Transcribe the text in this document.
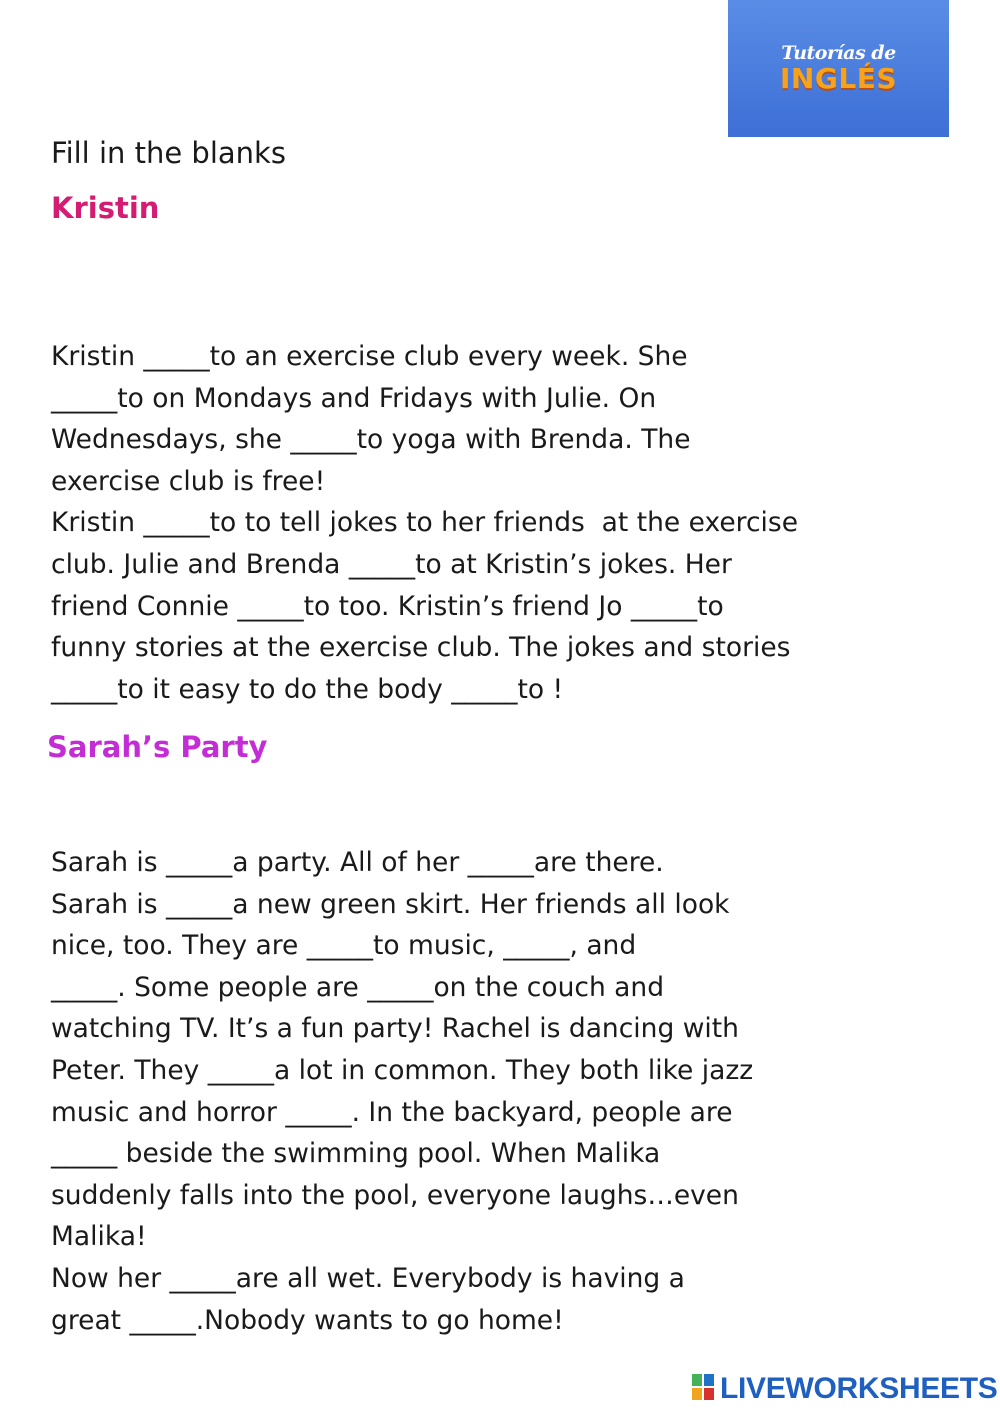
Tutorías de
INGLÉS
Fill in the blanks
Kristin

Kristin _____to an exercise club every week. She
_____to on Mondays and Fridays with Julie. On
Wednesdays, she _____to yoga with Brenda. The
exercise club is free!
Kristin _____to to tell jokes to her friends  at the exercise
club. Julie and Brenda _____to at Kristin’s jokes. Her
friend Connie _____to too. Kristin’s friend Jo _____to
funny stories at the exercise club. The jokes and stories
_____to it easy to do the body _____to !

Sarah’s Party

Sarah is _____a party. All of her _____are there.
Sarah is _____a new green skirt. Her friends all look
nice, too. They are _____to music, _____, and
_____. Some people are _____on the couch and
watching TV. It’s a fun party! Rachel is dancing with
Peter. They _____a lot in common. They both like jazz
music and horror _____. In the backyard, people are
_____ beside the swimming pool. When Malika
suddenly falls into the pool, everyone laughs…even
Malika!
Now her _____are all wet. Everybody is having a
great _____.Nobody wants to go home!

LIVEWORKSHEETS
